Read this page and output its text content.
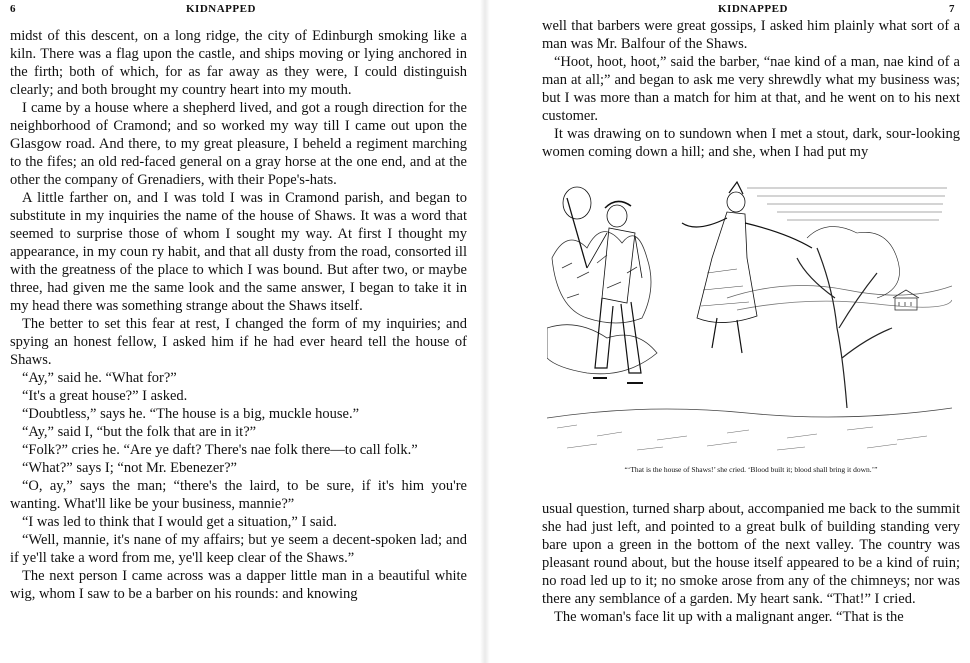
6	KIDNAPPED

midst of this descent, on a long ridge, the city of Edinburgh smoking like a kiln. There was a flag upon the castle, and ships moving or lying anchored in the firth; both of which, for as far away as they were, I could distinguish clearly; and both brought my country heart into my mouth.

I came by a house where a shepherd lived, and got a rough direction for the neighborhood of Cramond; and so worked my way till I came out upon the Glasgow road. And there, to my great pleasure, I beheld a regiment marching to the fifes; an old red-faced general on a gray horse at the one end, and at the other the company of Grenadiers, with their Pope's-hats.

A little farther on, and I was told I was in Cramond parish, and began to substitute in my inquiries the name of the house of Shaws. It was a word that seemed to surprise those of whom I sought my way. At first I thought my appearance, in my coun ry habit, and that all dusty from the road, consorted ill with the greatness of the place to which I was bound. But after two, or maybe three, had given me the same look and the same answer, I began to take it in my head there was something strange about the Shaws itself.

The better to set this fear at rest, I changed the form of my inquiries; and spying an honest fellow, I asked him if he had ever heard tell the house of Shaws.

“Ay,” said he. “What for?”

“It's a great house?” I asked.

“Doubtless,” says he. “The house is a big, muckle house.”

“Ay,” said I, “but the folk that are in it?”

“Folk?” cries he. “Are ye daft? There's nae folk there—to call folk.”

“What?” says I; “not Mr. Ebenezer?”

“O, ay,” says the man; “there's the laird, to be sure, if it's him you're wanting. What'll like be your business, mannie?”

“I was led to think that I would get a situation,” I said.

“Well, mannie, it's nane of my affairs; but ye seem a decent-spoken lad; and if ye'll take a word from me, ye'll keep clear of the Shaws.”

The next person I came across was a dapper little man in a beautiful white wig, whom I saw to be a barber on his rounds: and knowing

KIDNAPPED	7

well that barbers were great gossips, I asked him plainly what sort of a man was Mr. Balfour of the Shaws.

“Hoot, hoot, hoot,” said the barber, “nae kind of a man, nae kind of a man at all;” and began to ask me very shrewdly what my business was; but I was more than a match for him at that, and he went on to his next customer.

It was drawing on to sundown when I met a stout, dark, sour-looking women coming down a hill; and she, when I had put my

“‘That is the house of Shaws!’ she cried. ‘Blood built it; blood shall bring it down.’”

usual question, turned sharp about, accompanied me back to the summit she had just left, and pointed to a great bulk of building standing very bare upon a green in the bottom of the next valley. The country was pleasant round about, but the house itself appeared to be a kind of ruin; no road led up to it; no smoke arose from any of the chimneys; nor was there any semblance of a garden. My heart sank. “That!” I cried.

The woman's face lit up with a malignant anger. “That is the
